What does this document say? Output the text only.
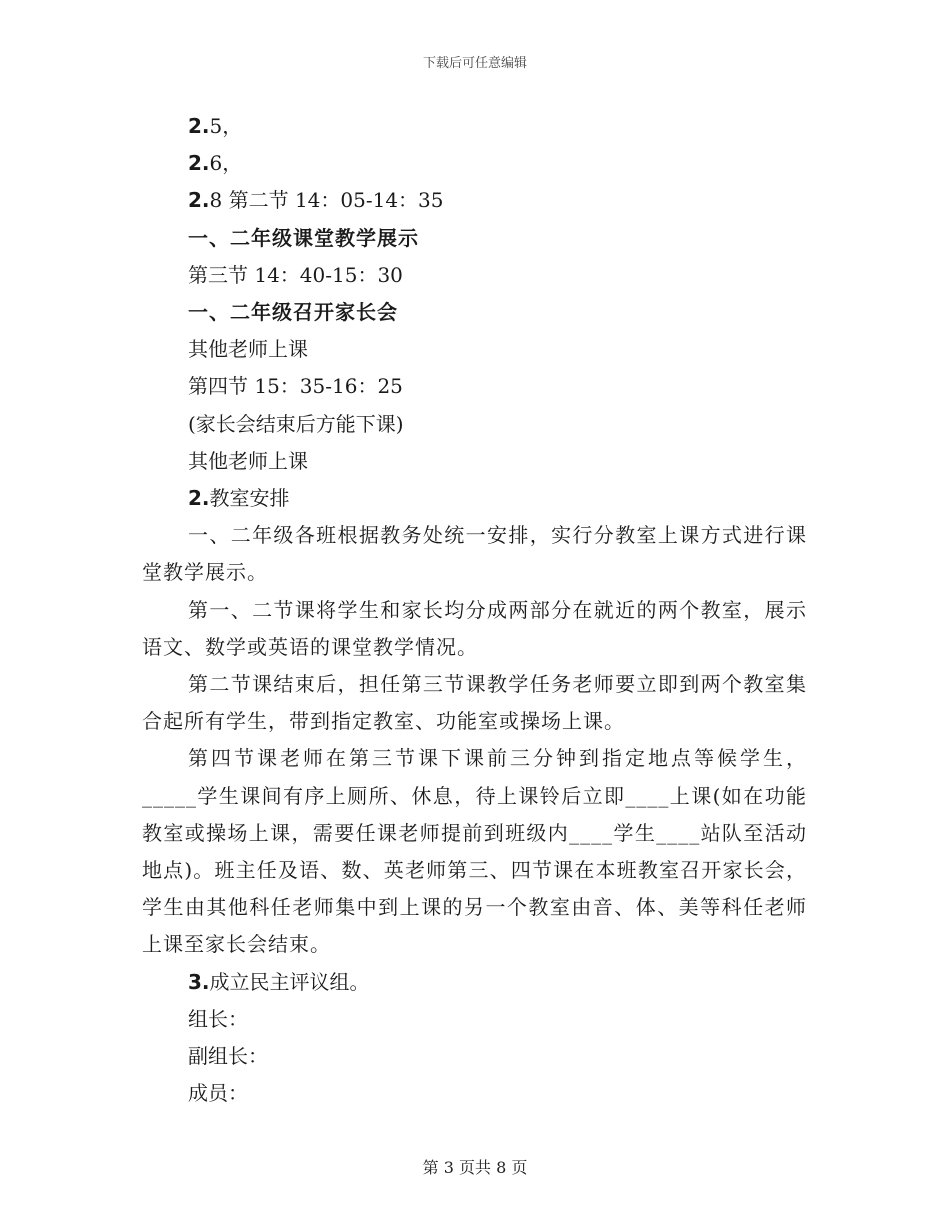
下载后可任意编辑
2.5，
2.6，
2.8 第二节 14：05-14：35
一、二年级课堂教学展示
第三节 14：40-15：30
一、二年级召开家长会
其他老师上课
第四节 15：35-16：25
(家长会结束后方能下课)
其他老师上课
2.教室安排
一、二年级各班根据教务处统一安排，实行分教室上课方式进行课堂教学展示。
第一、二节课将学生和家长均分成两部分在就近的两个教室，展示语文、数学或英语的课堂教学情况。
第二节课结束后，担任第三节课教学任务老师要立即到两个教室集合起所有学生，带到指定教室、功能室或操场上课。
第四节课老师在第三节课下课前三分钟到指定地点等候学生，_____学生课间有序上厕所、休息，待上课铃后立即____上课(如在功能教室或操场上课，需要任课老师提前到班级内____学生____站队至活动地点)。班主任及语、数、英老师第三、四节课在本班教室召开家长会，学生由其他科任老师集中到上课的另一个教室由音、体、美等科任老师上课至家长会结束。
3.成立民主评议组。
组长：
副组长：
成员：
第 3 页共 8 页
